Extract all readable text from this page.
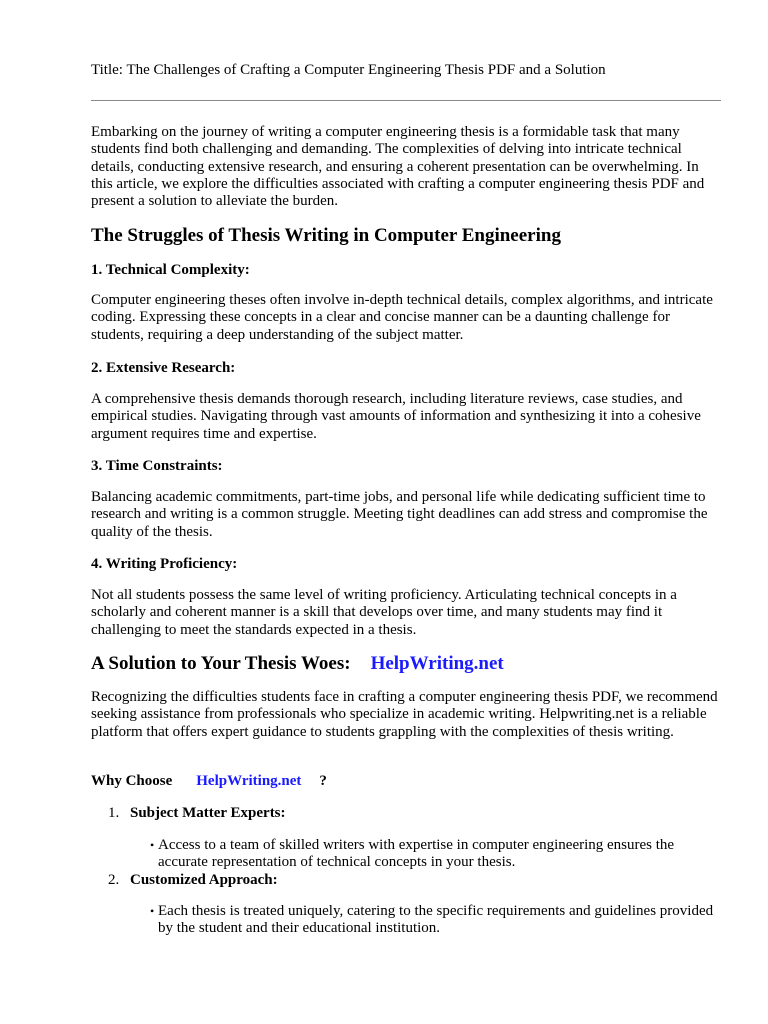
Title: The Challenges of Crafting a Computer Engineering Thesis PDF and a Solution

Embarking on the journey of writing a computer engineering thesis is a formidable task that many students find both challenging and demanding. The complexities of delving into intricate technical details, conducting extensive research, and ensuring a coherent presentation can be overwhelming. In this article, we explore the difficulties associated with crafting a computer engineering thesis PDF and present a solution to alleviate the burden.

The Struggles of Thesis Writing in Computer Engineering
1. Technical Complexity:

Computer engineering theses often involve in-depth technical details, complex algorithms, and intricate coding. Expressing these concepts in a clear and concise manner can be a daunting challenge for students, requiring a deep understanding of the subject matter.

2. Extensive Research:

A comprehensive thesis demands thorough research, including literature reviews, case studies, and empirical studies. Navigating through vast amounts of information and synthesizing it into a cohesive argument requires time and expertise.

3. Time Constraints:

Balancing academic commitments, part-time jobs, and personal life while dedicating sufficient time to research and writing is a common struggle. Meeting tight deadlines can add stress and compromise the quality of the thesis.

4. Writing Proficiency:

Not all students possess the same level of writing proficiency. Articulating technical concepts in a scholarly and coherent manner is a skill that develops over time, and many students may find it challenging to meet the standards expected in a thesis.

A Solution to Your Thesis Woes: HelpWriting.net

Recognizing the difficulties students face in crafting a computer engineering thesis PDF, we recommend seeking assistance from professionals who specialize in academic writing. Helpwriting.net is a reliable platform that offers expert guidance to students grappling with the complexities of thesis writing.

Why Choose HelpWriting.net ?
1. Subject Matter Experts:
• Access to a team of skilled writers with expertise in computer engineering ensures the accurate representation of technical concepts in your thesis.
2. Customized Approach:
• Each thesis is treated uniquely, catering to the specific requirements and guidelines provided by the student and their educational institution.
